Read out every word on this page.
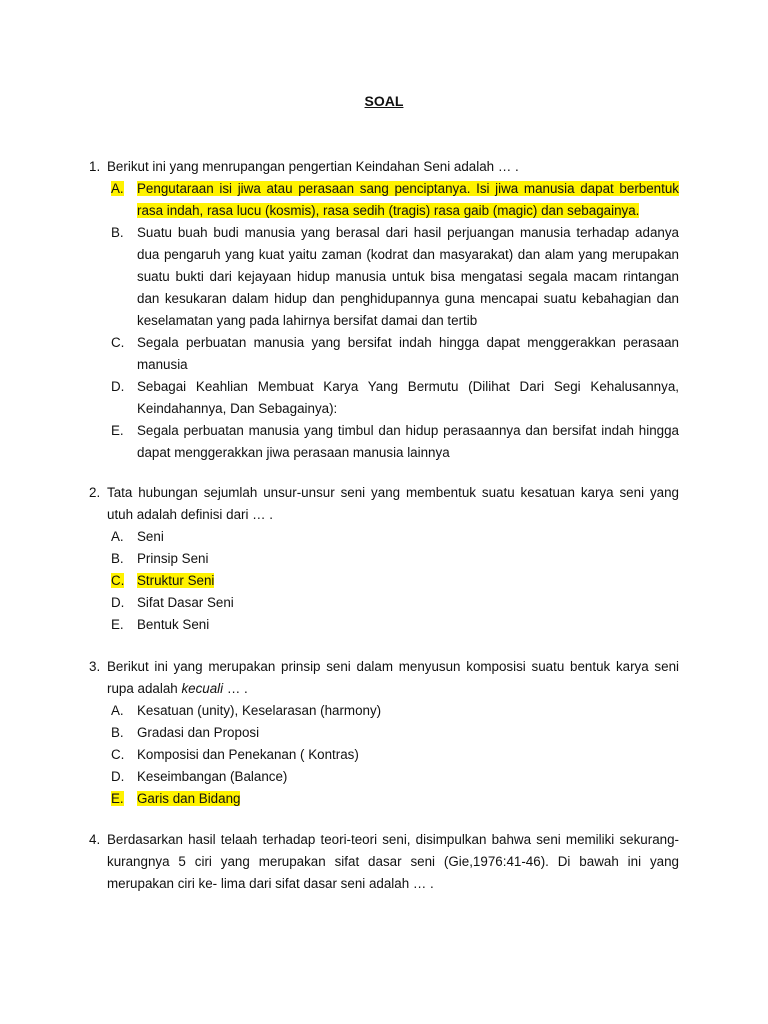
SOAL
1. Berikut ini yang menrupangan pengertian Keindahan Seni adalah … .
A. Pengutaraan isi jiwa atau perasaan sang penciptanya. Isi jiwa manusia dapat berbentuk rasa indah, rasa lucu (kosmis), rasa sedih (tragis) rasa gaib (magic) dan sebagainya.
B. Suatu buah budi manusia yang berasal dari hasil perjuangan manusia terhadap adanya dua pengaruh yang kuat yaitu zaman (kodrat dan masyarakat) dan alam yang merupakan suatu bukti dari kejayaan hidup manusia untuk bisa mengatasi segala macam rintangan dan kesukaran dalam hidup dan penghidupannya guna mencapai suatu kebahagian dan keselamatan yang pada lahirnya bersifat damai dan tertib
C. Segala perbuatan manusia yang bersifat indah hingga dapat menggerakkan perasaan manusia
D. Sebagai Keahlian Membuat Karya Yang Bermutu (Dilihat Dari Segi Kehalusannya, Keindahannya, Dan Sebagainya):
E. Segala perbuatan manusia yang timbul dan hidup perasaannya dan bersifat indah hingga dapat menggerakkan jiwa perasaan manusia lainnya
2. Tata hubungan sejumlah unsur-unsur seni yang membentuk suatu kesatuan karya seni yang utuh adalah definisi dari … .
A. Seni
B. Prinsip Seni
C. Struktur Seni
D. Sifat Dasar Seni
E. Bentuk Seni
3. Berikut ini yang merupakan prinsip seni dalam menyusun komposisi suatu bentuk karya seni rupa adalah kecuali … .
A. Kesatuan (unity), Keselarasan (harmony)
B. Gradasi dan Proposi
C. Komposisi dan Penekanan ( Kontras)
D. Keseimbangan (Balance)
E. Garis dan Bidang
4. Berdasarkan hasil telaah terhadap teori-teori seni, disimpulkan bahwa seni memiliki sekurang-kurangnya 5 ciri yang merupakan sifat dasar seni (Gie,1976:41-46). Di bawah ini yang merupakan ciri ke- lima dari sifat dasar seni adalah … .
